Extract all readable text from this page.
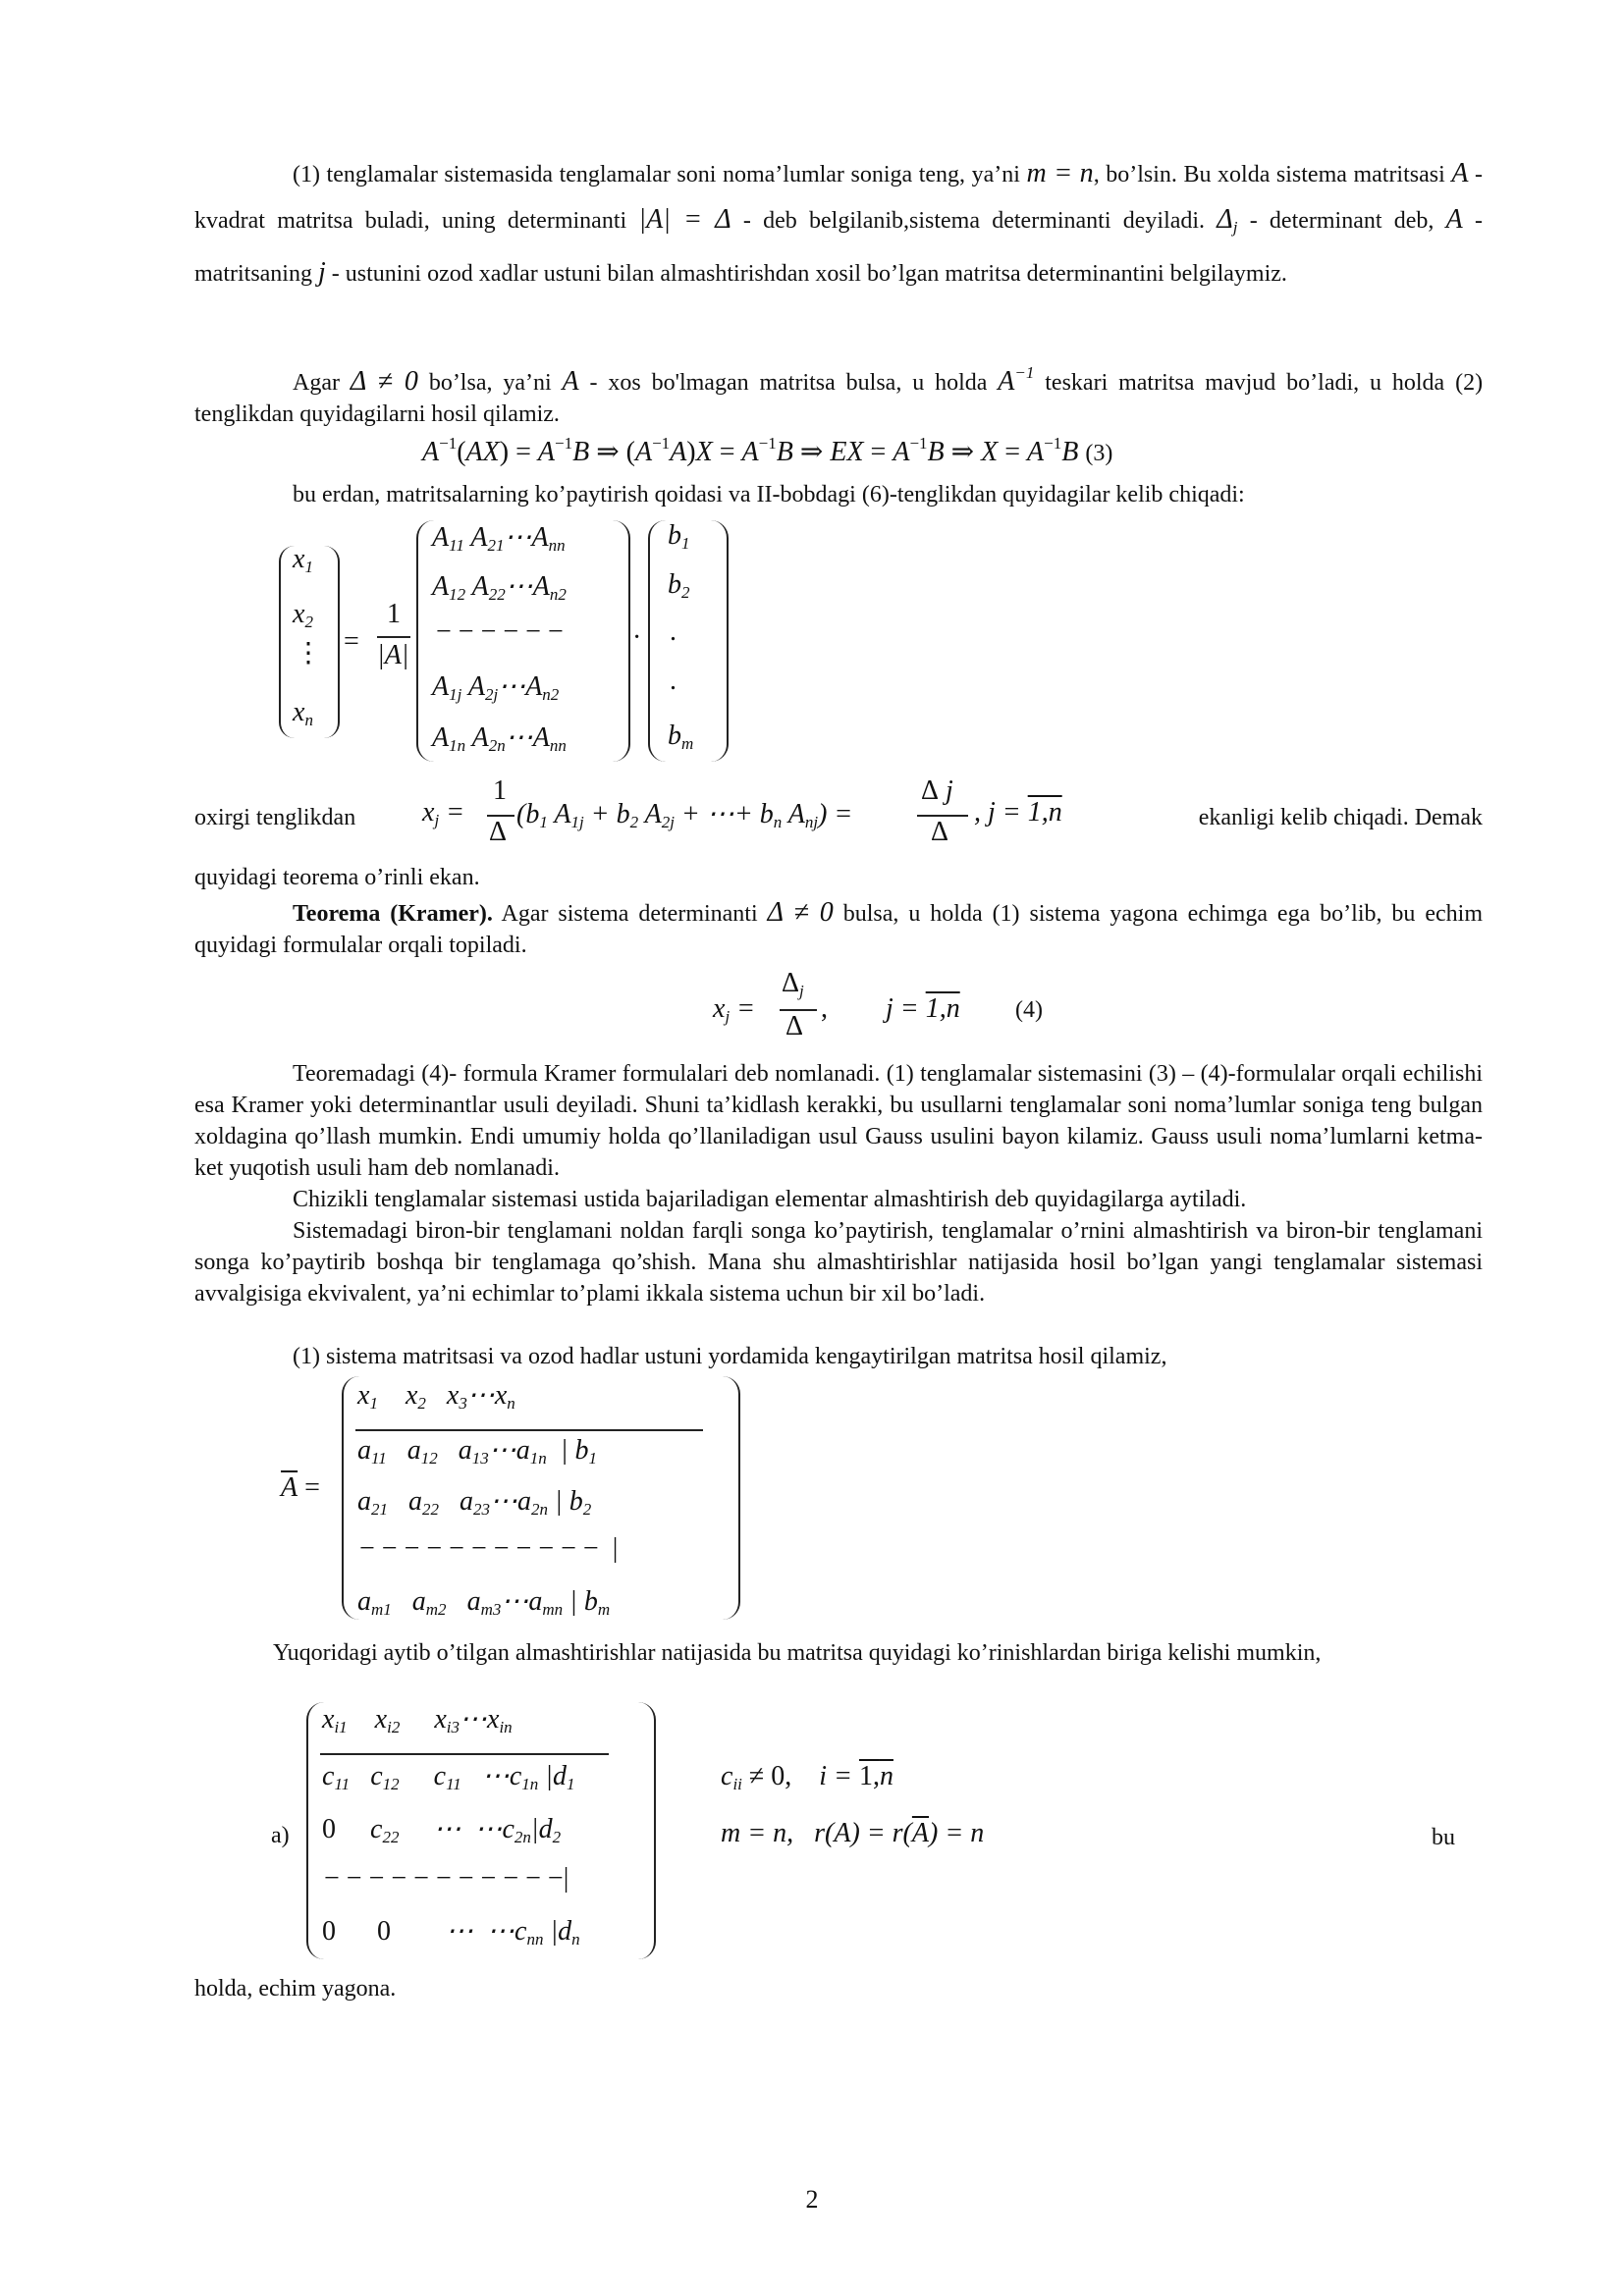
(1) tenglamalar sistemasida tenglamalar soni noma’lumlar soniga teng, ya’ni m = n, bo’lsin. Bu xolda sistema matritsasi A - kvadrat matritsa buladi, uning determinanti |A| = Δ - deb belgilanib,sistema determinanti deyiladi. $\Delta_j$ - determinant deb, A - matritsaning j - ustunini ozod xadlar ustuni bilan almashtirishdan xosil bo’lgan matritsa determinantini belgilaymiz.
Agar Δ ≠ 0 bo’lsa, ya’ni A - xos bo'lmagan matritsa bulsa, u holda $A^{-1}$ teskari matritsa mavjud bo’ladi, u holda (2) tenglikdan quyidagilarni hosil qilamiz.
$A^{-1}(AX) = A^{-1}B$ ⇒ $(A^{-1}A)X = A^{-1}B$ ⇒ EX = $A^{-1}B$ ⇒ $X = A^{-1}B$ (3)
bu erdan, matritsalarning ko’paytirish qoidasi va II-bobdagi (6)-tenglikdan quyidagilar kelib chiqadi:
$x_1$
$x_2$
⋮
$x_n$
=
1
|A|
$A_{11}$ $A_{21}\cdots A_{nn}$
$A_{12}$ $A_{22}\cdots A_{n2}$
− − − − − −
$A_{1j}$ $A_{2j}\cdots A_{n2}$
$A_{1n}$ $A_{2n}\cdots A_{nn}$
·
$b_1$
$b_2$
.
.
$b_m$
oxirgi tenglikdan	$x_j$ =
1
Δ
($b_1$ $A_{1j} + b_2$ $A_{2j}$ + ⋯+ $b_n$ $A_{nj}$) =
Δ j
Δ
, j = 1,n	ekanligi kelib chiqadi. Demak
quyidagi teorema o’rinli ekan.
Teorema (Kramer). Agar sistema determinanti Δ ≠ 0 bulsa, u holda (1) sistema yagona echimga ega bo’lib, bu echim quyidagi formulalar orqali topiladi.
$x_j$ =
$\Delta_j$
Δ
, j = 1,n (4)
Teoremadagi (4)- formula Kramer formulalari deb nomlanadi. (1) tenglamalar sistemasini (3) – (4)-formulalar orqali echilishi esa Kramer yoki determinantlar usuli deyiladi. Shuni ta’kidlash kerakki, bu usullarni tenglamalar soni noma’lumlar soniga teng bulgan xoldagina qo’llash mumkin. Endi umumiy holda qo’llaniladigan usul Gauss usulini bayon kilamiz. Gauss usuli noma’lumlarni ketma-ket yuqotish usuli ham deb nomlanadi.
Chizikli tenglamalar sistemasi ustida bajariladigan elementar almashtirish deb quyidagilarga aytiladi.
Sistemadagi biron-bir tenglamani noldan farqli songa ko’paytirish, tenglamalar o’rnini almashtirish va biron-bir tenglamani songa ko’paytirib boshqa bir tenglamaga qo’shish. Mana shu almashtirishlar natijasida hosil bo’lgan yangi tenglamalar sistemasi avvalgisiga ekvivalent, ya’ni echimlar to’plami ikkala sistema uchun bir xil bo’ladi.
(1) sistema matritsasi va ozod hadlar ustuni yordamida kengaytirilgan matritsa hosil qilamiz,
$\overline{A}$ =
$x_1$    $x_2$   $x_3\cdots x_n$
$a_{11}$   $a_{12}$   $a_{13}\cdots a_{1n}$  | $b_1$
$a_{21}$   $a_{22}$   $a_{23}\cdots a_{2n}$ | $b_2$
− − − − − − − − − − −  |
$a_{m1}$   $a_{m2}$   $a_{m3}\cdots a_{mn}$ | $b_m$
Yuqoridagi aytib o’tilgan almashtirishlar natijasida bu matritsa quyidagi ko’rinishlardan biriga kelishi mumkin,
a)
$x_{i1}$    $x_{i2}$     $x_{i3}\cdots x_{in}$
$c_{11}$   $c_{12}$     $c_{11}$   $\cdots c_{1n}$ $|d_1$
0     $c_{22}$     ⋯  $\cdots c_{2n}|d_2$
− − − − − − − − − − −|
0 0        ⋯  $\cdots c_{nn}$ $|d_n$
$c_{ii} \ne 0$,    $i = 1,\overline{n}$
m = n,   $r(A) = r(\overline{A}) = n$	bu
holda, echim yagona.
2
